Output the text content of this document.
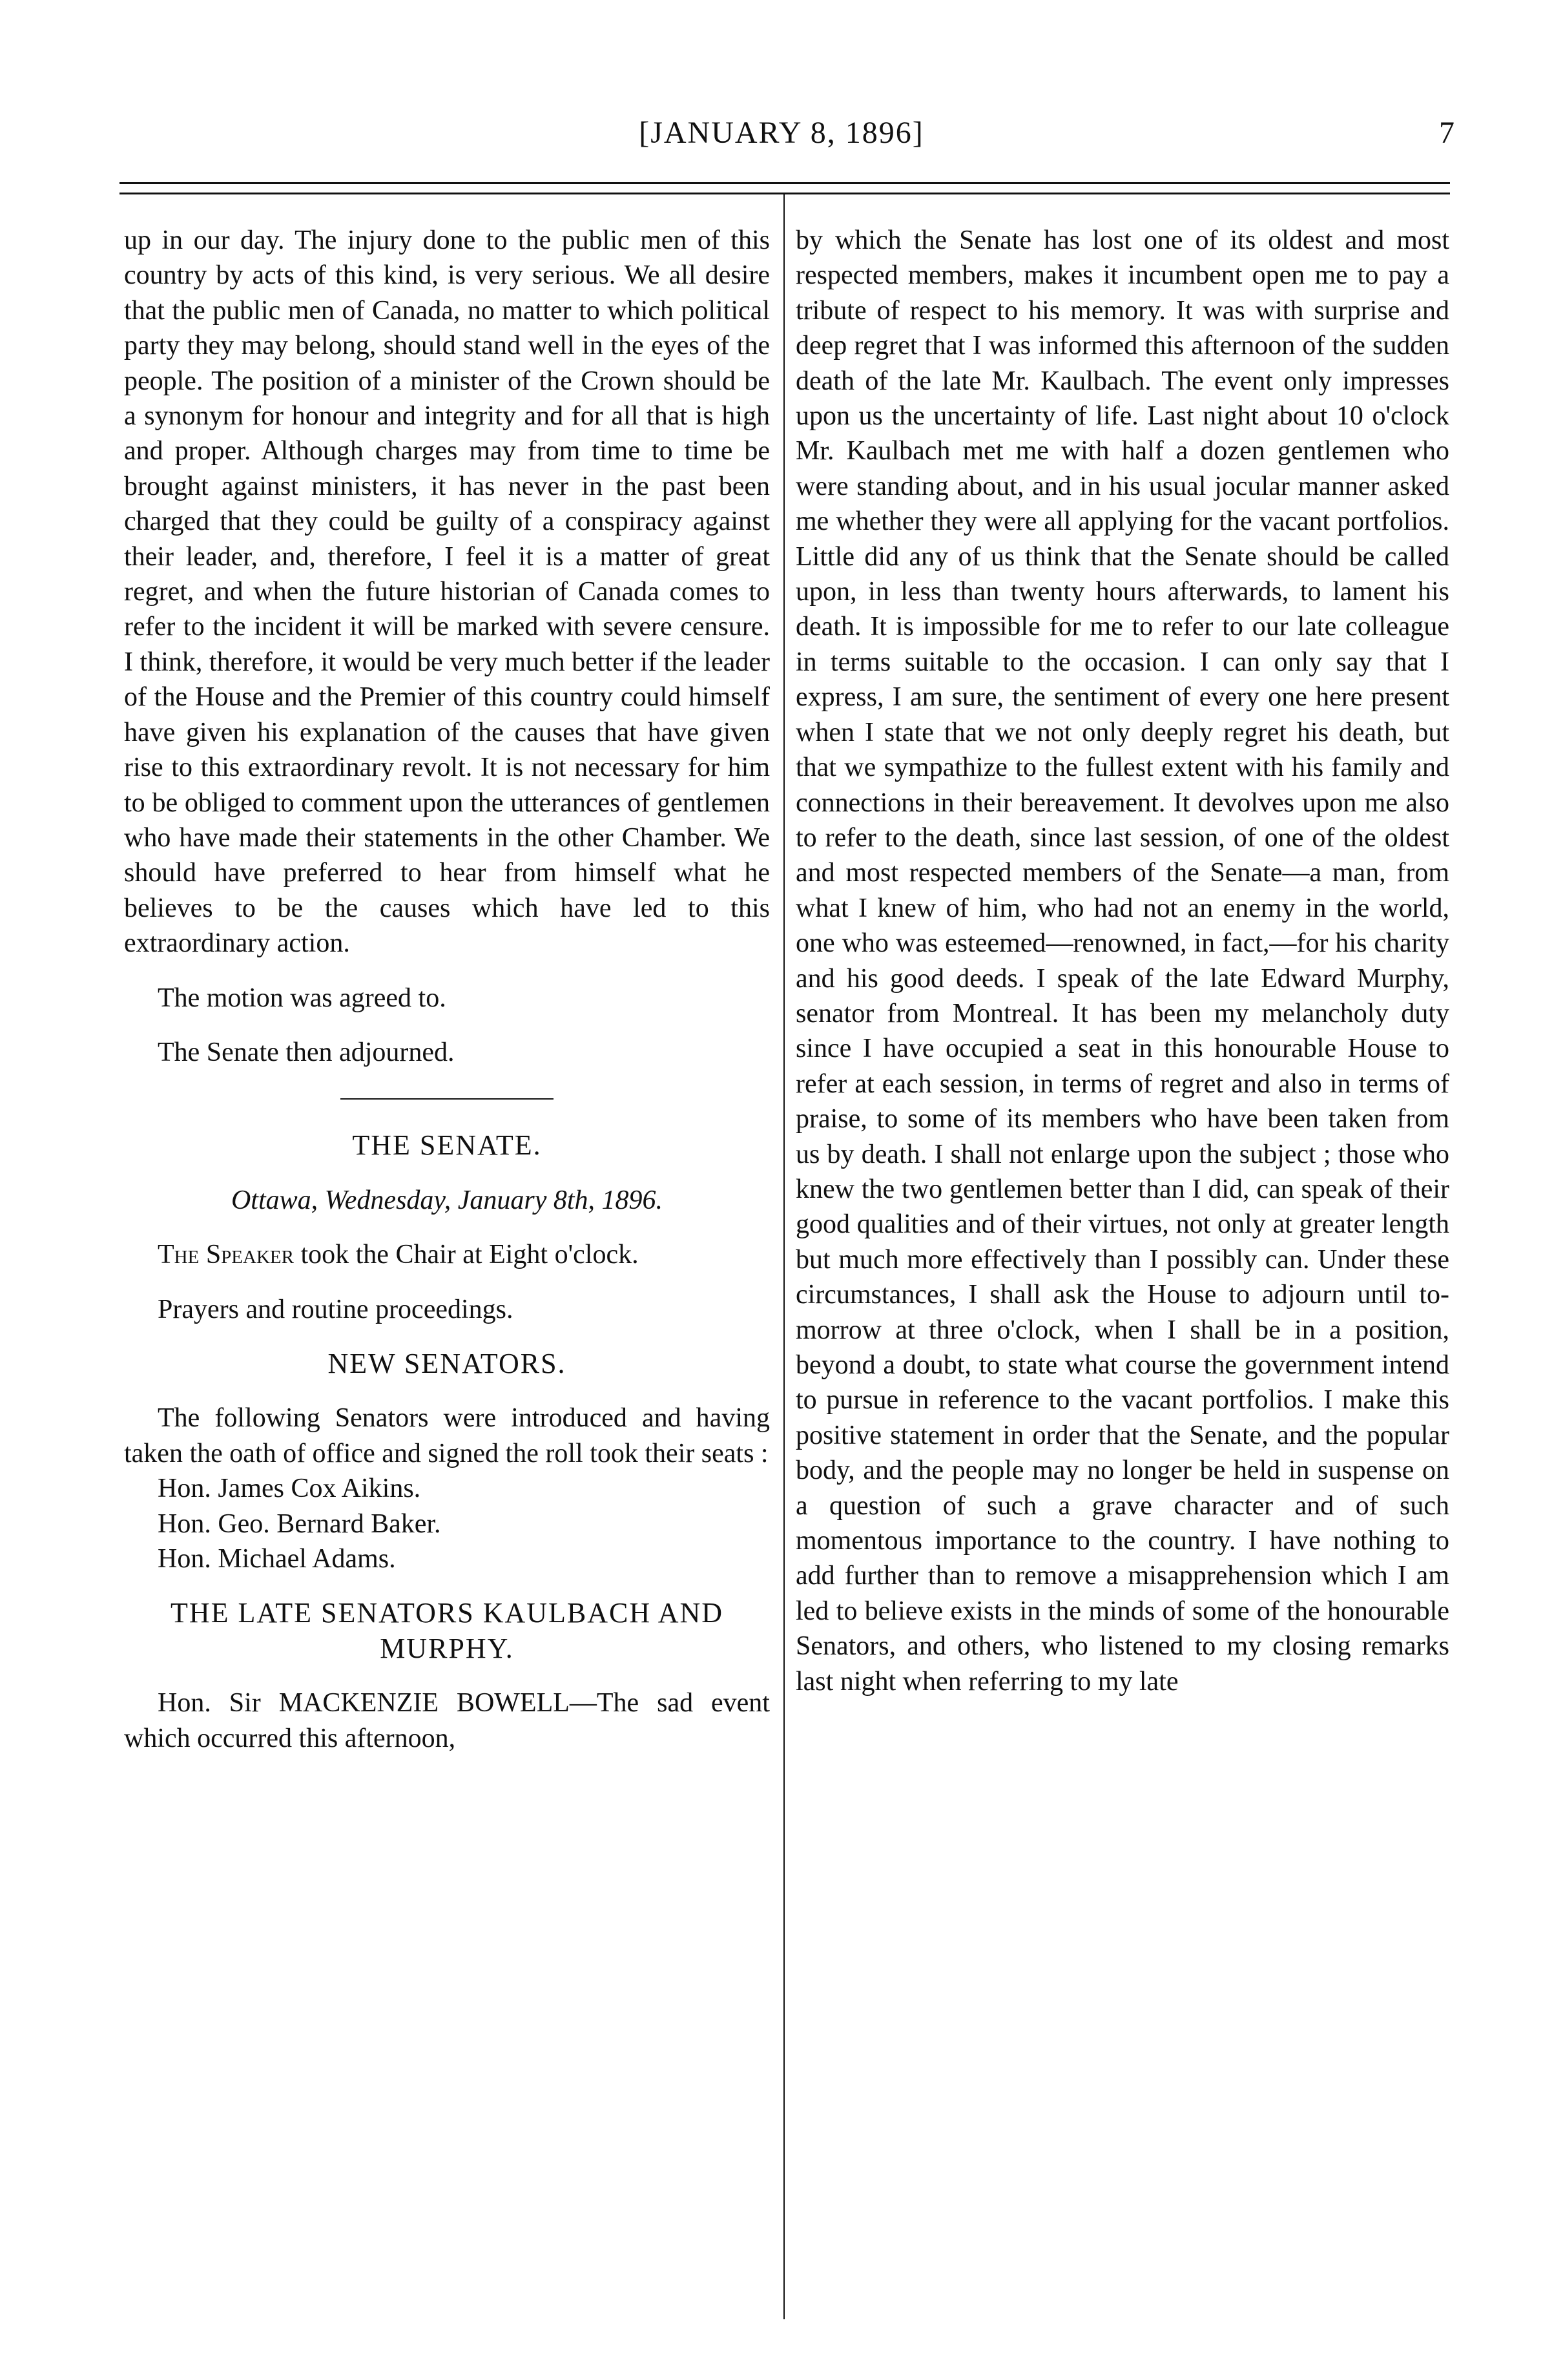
[JANUARY 8, 1896]	7

up in our day. The injury done to the public men of this country by acts of this kind, is very serious. We all desire that the public men of Canada, no matter to which political party they may belong, should stand well in the eyes of the people. The position of a minister of the Crown should be a synonym for honour and integrity and for all that is high and proper. Although charges may from time to time be brought against ministers, it has never in the past been charged that they could be guilty of a conspiracy against their leader, and, therefore, I feel it is a matter of great regret, and when the future historian of Canada comes to refer to the incident it will be marked with severe censure. I think, therefore, it would be very much better if the leader of the House and the Premier of this country could himself have given his explanation of the causes that have given rise to this extraordinary revolt. It is not necessary for him to be obliged to comment upon the utterances of gentlemen who have made their statements in the other Chamber. We should have preferred to hear from himself what he believes to be the causes which have led to this extraordinary action.

The motion was agreed to.

The Senate then adjourned.

THE SENATE.

Ottawa, Wednesday, January 8th, 1896.

The Speaker took the Chair at Eight o'clock.

Prayers and routine proceedings.

NEW SENATORS.

The following Senators were introduced and having taken the oath of office and signed the roll took their seats :

Hon. James Cox Aikins.

Hon. Geo. Bernard Baker.

Hon. Michael Adams.

THE LATE SENATORS KAULBACH AND MURPHY.

Hon. Sir MACKENZIE BOWELL—The sad event which occurred this afternoon,

by which the Senate has lost one of its oldest and most respected members, makes it incumbent open me to pay a tribute of respect to his memory. It was with surprise and deep regret that I was informed this afternoon of the sudden death of the late Mr. Kaulbach. The event only impresses upon us the uncertainty of life. Last night about 10 o'clock Mr. Kaulbach met me with half a dozen gentlemen who were standing about, and in his usual jocular manner asked me whether they were all applying for the vacant portfolios. Little did any of us think that the Senate should be called upon, in less than twenty hours afterwards, to lament his death. It is impossible for me to refer to our late colleague in terms suitable to the occasion. I can only say that I express, I am sure, the sentiment of every one here present when I state that we not only deeply regret his death, but that we sympathize to the fullest extent with his family and connections in their bereavement. It devolves upon me also to refer to the death, since last session, of one of the oldest and most respected members of the Senate—a man, from what I knew of him, who had not an enemy in the world, one who was esteemed—renowned, in fact,—for his charity and his good deeds. I speak of the late Edward Murphy, senator from Montreal. It has been my melancholy duty since I have occupied a seat in this honourable House to refer at each session, in terms of regret and also in terms of praise, to some of its members who have been taken from us by death. I shall not enlarge upon the subject ; those who knew the two gentlemen better than I did, can speak of their good qualities and of their virtues, not only at greater length but much more effectively than I possibly can. Under these circumstances, I shall ask the House to adjourn until to-morrow at three o'clock, when I shall be in a position, beyond a doubt, to state what course the government intend to pursue in reference to the vacant portfolios. I make this positive statement in order that the Senate, and the popular body, and the people may no longer be held in suspense on a question of such a grave character and of such momentous importance to the country. I have nothing to add further than to remove a misapprehension which I am led to believe exists in the minds of some of the honourable Senators, and others, who listened to my closing remarks last night when referring to my late
